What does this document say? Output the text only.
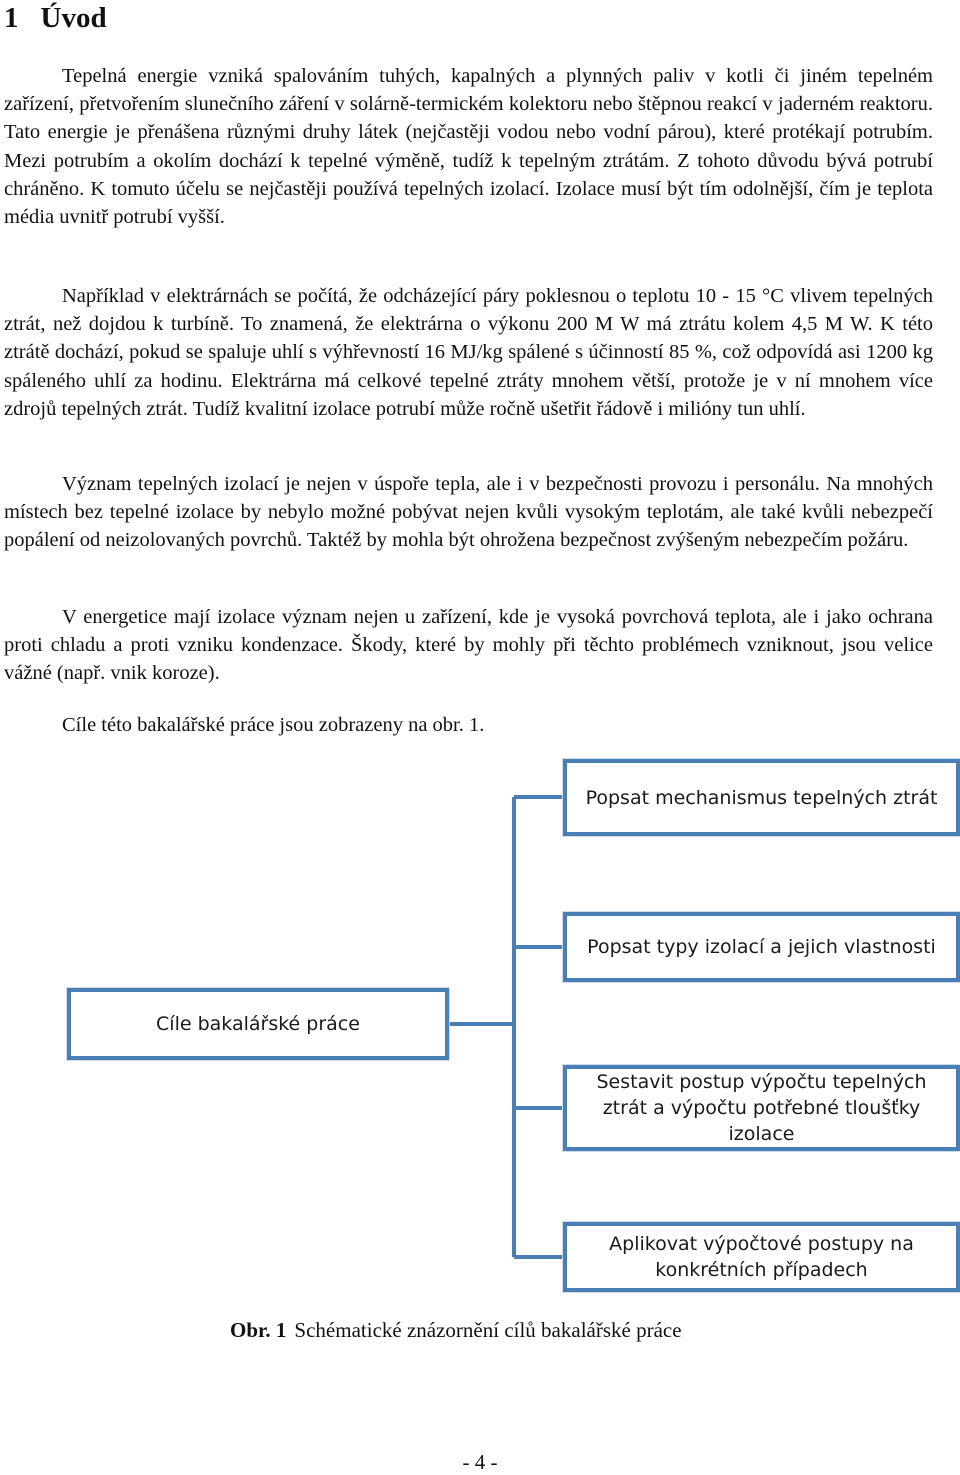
1 Úvod

Tepelná energie vzniká spalováním tuhých, kapalných a plynných paliv v kotli či jiném tepelném zařízení, přetvořením slunečního záření v solárně-termickém kolektoru nebo štěpnou reakcí v jaderném reaktoru. Tato energie je přenášena různými druhy látek (nejčastěji vodou nebo vodní párou), které protékají potrubím. Mezi potrubím a okolím dochází k tepelné výměně, tudíž k tepelným ztrátám. Z tohoto důvodu bývá potrubí chráněno. K tomuto účelu se nejčastěji používá tepelných izolací. Izolace musí být tím odolnější, čím je teplota média uvnitř potrubí vyšší.

Například v elektrárnách se počítá, že odcházející páry poklesnou o teplotu 10 - 15 °C vlivem tepelných ztrát, než dojdou k turbíně. To znamená, že elektrárna o výkonu 200 M W má ztrátu kolem 4,5 M W. K této ztrátě dochází, pokud se spaluje uhlí s výhřevností 16 MJ/kg spálené s účinností 85 %, což odpovídá asi 1200 kg spáleného uhlí za hodinu. Elektrárna má celkové tepelné ztráty mnohem větší, protože je v ní mnohem více zdrojů tepelných ztrát. Tudíž kvalitní izolace potrubí může ročně ušetřit řádově i milióny tun uhlí.

Význam tepelných izolací je nejen v úspoře tepla, ale i v bezpečnosti provozu i personálu. Na mnohých místech bez tepelné izolace by nebylo možné pobývat nejen kvůli vysokým teplotám, ale také kvůli nebezpečí popálení od neizolovaných povrchů. Taktéž by mohla být ohrožena bezpečnost zvýšeným nebezpečím požáru.

V energetice mají izolace význam nejen u zařízení, kde je vysoká povrchová teplota, ale i jako ochrana proti chladu a proti vzniku kondenzace. Škody, které by mohly při těchto problémech vzniknout, jsou velice vážné (např. vnik koroze).

Cíle této bakalářské práce jsou zobrazeny na obr. 1.

Cíle bakalářské práce
Popsat mechanismus tepelných ztrát
Popsat typy izolací a jejich vlastnosti
Sestavit postup výpočtu tepelných ztrát a výpočtu potřebné tloušťky izolace
Aplikovat výpočtové postupy na konkrétních případech

Obr. 1 Schématické znázornění cílů bakalářské práce

- 4 -
